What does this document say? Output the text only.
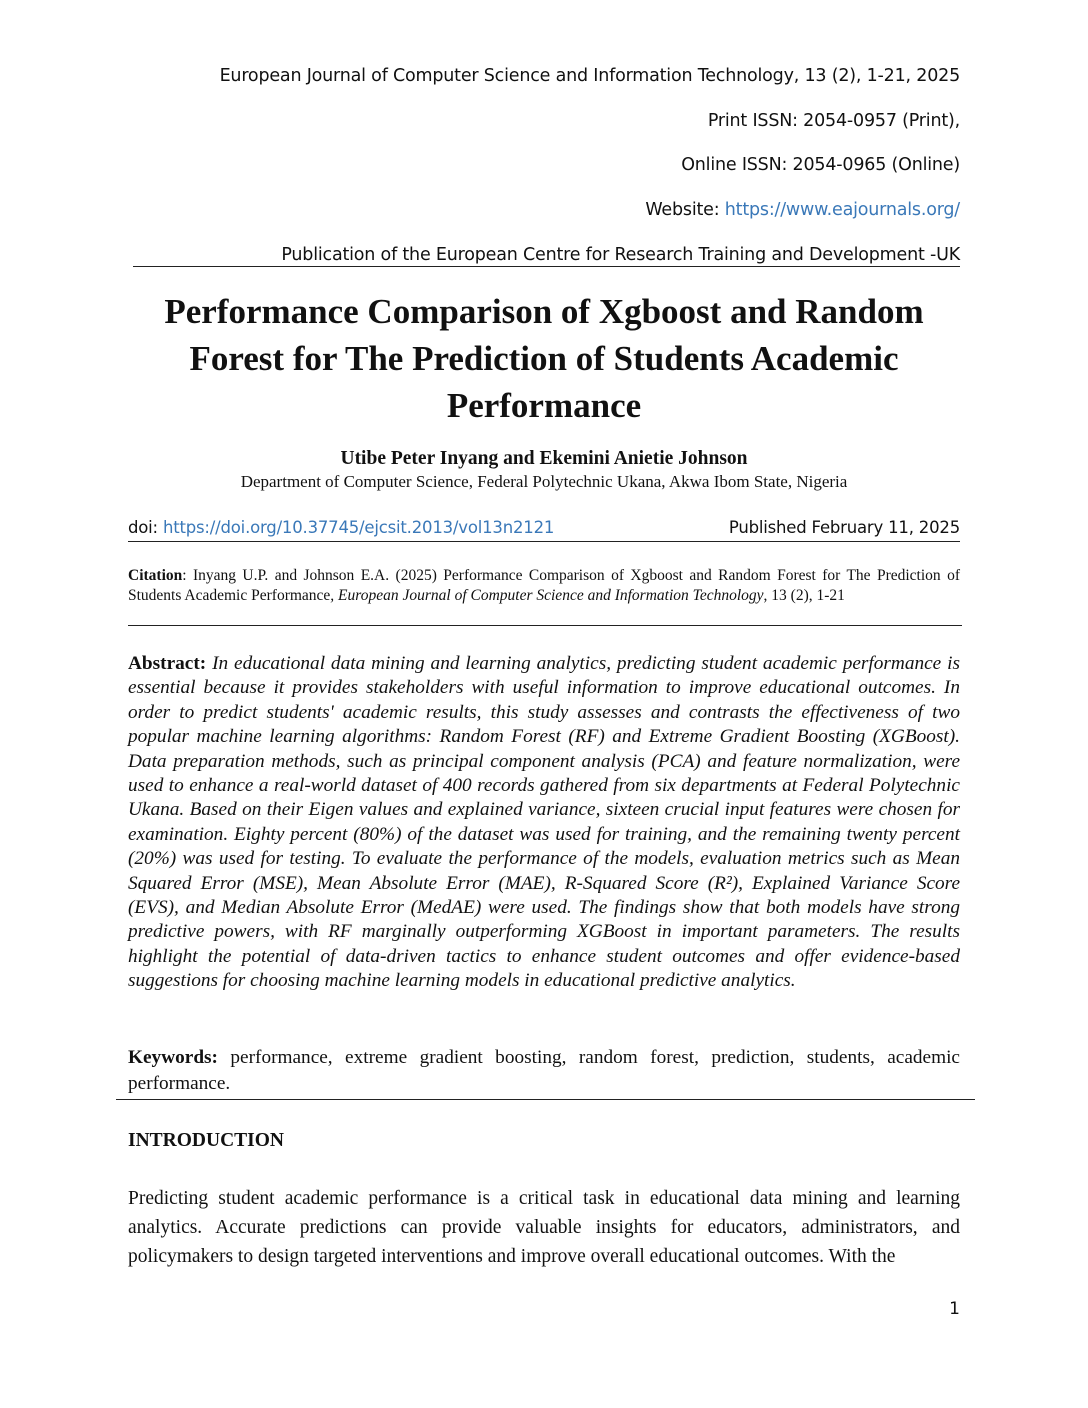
European Journal of Computer Science and Information Technology, 13 (2), 1-21, 2025
Print ISSN: 2054-0957 (Print),
Online ISSN: 2054-0965 (Online)
Website: https://www.eajournals.org/
Publication of the European Centre for Research Training and Development -UK
Performance Comparison of Xgboost and Random
Forest for The Prediction of Students Academic
Performance
Utibe Peter Inyang and Ekemini Anietie Johnson
Department of Computer Science, Federal Polytechnic Ukana, Akwa Ibom State, Nigeria
doi: https://doi.org/10.37745/ejcsit.2013/vol13n2121	Published February 11, 2025
Citation: Inyang U.P. and Johnson E.A. (2025) Performance Comparison of Xgboost and Random Forest for The Prediction of Students Academic Performance, European Journal of Computer Science and Information Technology, 13 (2), 1-21
Abstract: In educational data mining and learning analytics, predicting student academic performance is essential because it provides stakeholders with useful information to improve educational outcomes. In order to predict students' academic results, this study assesses and contrasts the effectiveness of two popular machine learning algorithms: Random Forest (RF) and Extreme Gradient Boosting (XGBoost). Data preparation methods, such as principal component analysis (PCA) and feature normalization, were used to enhance a real-world dataset of 400 records gathered from six departments at Federal Polytechnic Ukana. Based on their Eigen values and explained variance, sixteen crucial input features were chosen for examination. Eighty percent (80%) of the dataset was used for training, and the remaining twenty percent (20%) was used for testing. To evaluate the performance of the models, evaluation metrics such as Mean Squared Error (MSE), Mean Absolute Error (MAE), R-Squared Score (R²), Explained Variance Score (EVS), and Median Absolute Error (MedAE) were used. The findings show that both models have strong predictive powers, with RF marginally outperforming XGBoost in important parameters. The results highlight the potential of data-driven tactics to enhance student outcomes and offer evidence-based suggestions for choosing machine learning models in educational predictive analytics.
Keywords: performance, extreme gradient boosting, random forest, prediction, students, academic performance.
INTRODUCTION
Predicting student academic performance is a critical task in educational data mining and learning analytics. Accurate predictions can provide valuable insights for educators, administrators, and policymakers to design targeted interventions and improve overall educational outcomes. With the
1
